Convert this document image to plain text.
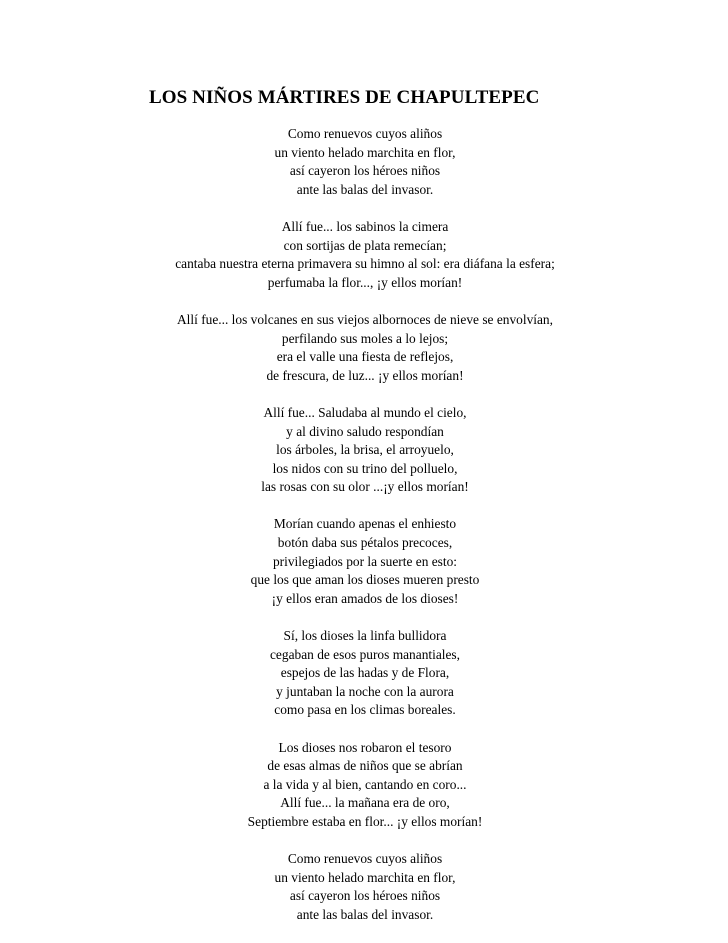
LOS NIÑOS MÁRTIRES DE CHAPULTEPEC
Como renuevos cuyos aliños
un viento helado marchita en flor,
así cayeron los héroes niños
ante las balas del invasor.
Allí fue... los sabinos la cimera
con sortijas de plata remecían;
cantaba nuestra eterna primavera su himno al sol: era diáfana la esfera;
perfumaba la flor..., ¡y ellos morían!
Allí fue... los volcanes en sus viejos albornoces de nieve se envolvían,
perfilando sus moles a lo lejos;
era el valle una fiesta de reflejos,
de frescura, de luz... ¡y ellos morían!
Allí fue... Saludaba al mundo el cielo,
y al divino saludo respondían
los árboles, la brisa, el arroyuelo,
los nidos con su trino del polluelo,
las rosas con su olor ...¡y ellos morían!
Morían cuando apenas el enhiesto
botón daba sus pétalos precoces,
privilegiados por la suerte en esto:
que los que aman los dioses mueren presto
¡y ellos eran amados de los dioses!
Sí, los dioses la linfa bullidora
cegaban de esos puros manantiales,
espejos de las hadas y de Flora,
y juntaban la noche con la aurora
como pasa en los climas boreales.
Los dioses nos robaron el tesoro
de esas almas de niños que se abrían
a la vida y al bien, cantando en coro...
Allí fue... la mañana era de oro,
Septiembre estaba en flor... ¡y ellos morían!
Como renuevos cuyos aliños
un viento helado marchita en flor,
así cayeron los héroes niños
ante las balas del invasor.
